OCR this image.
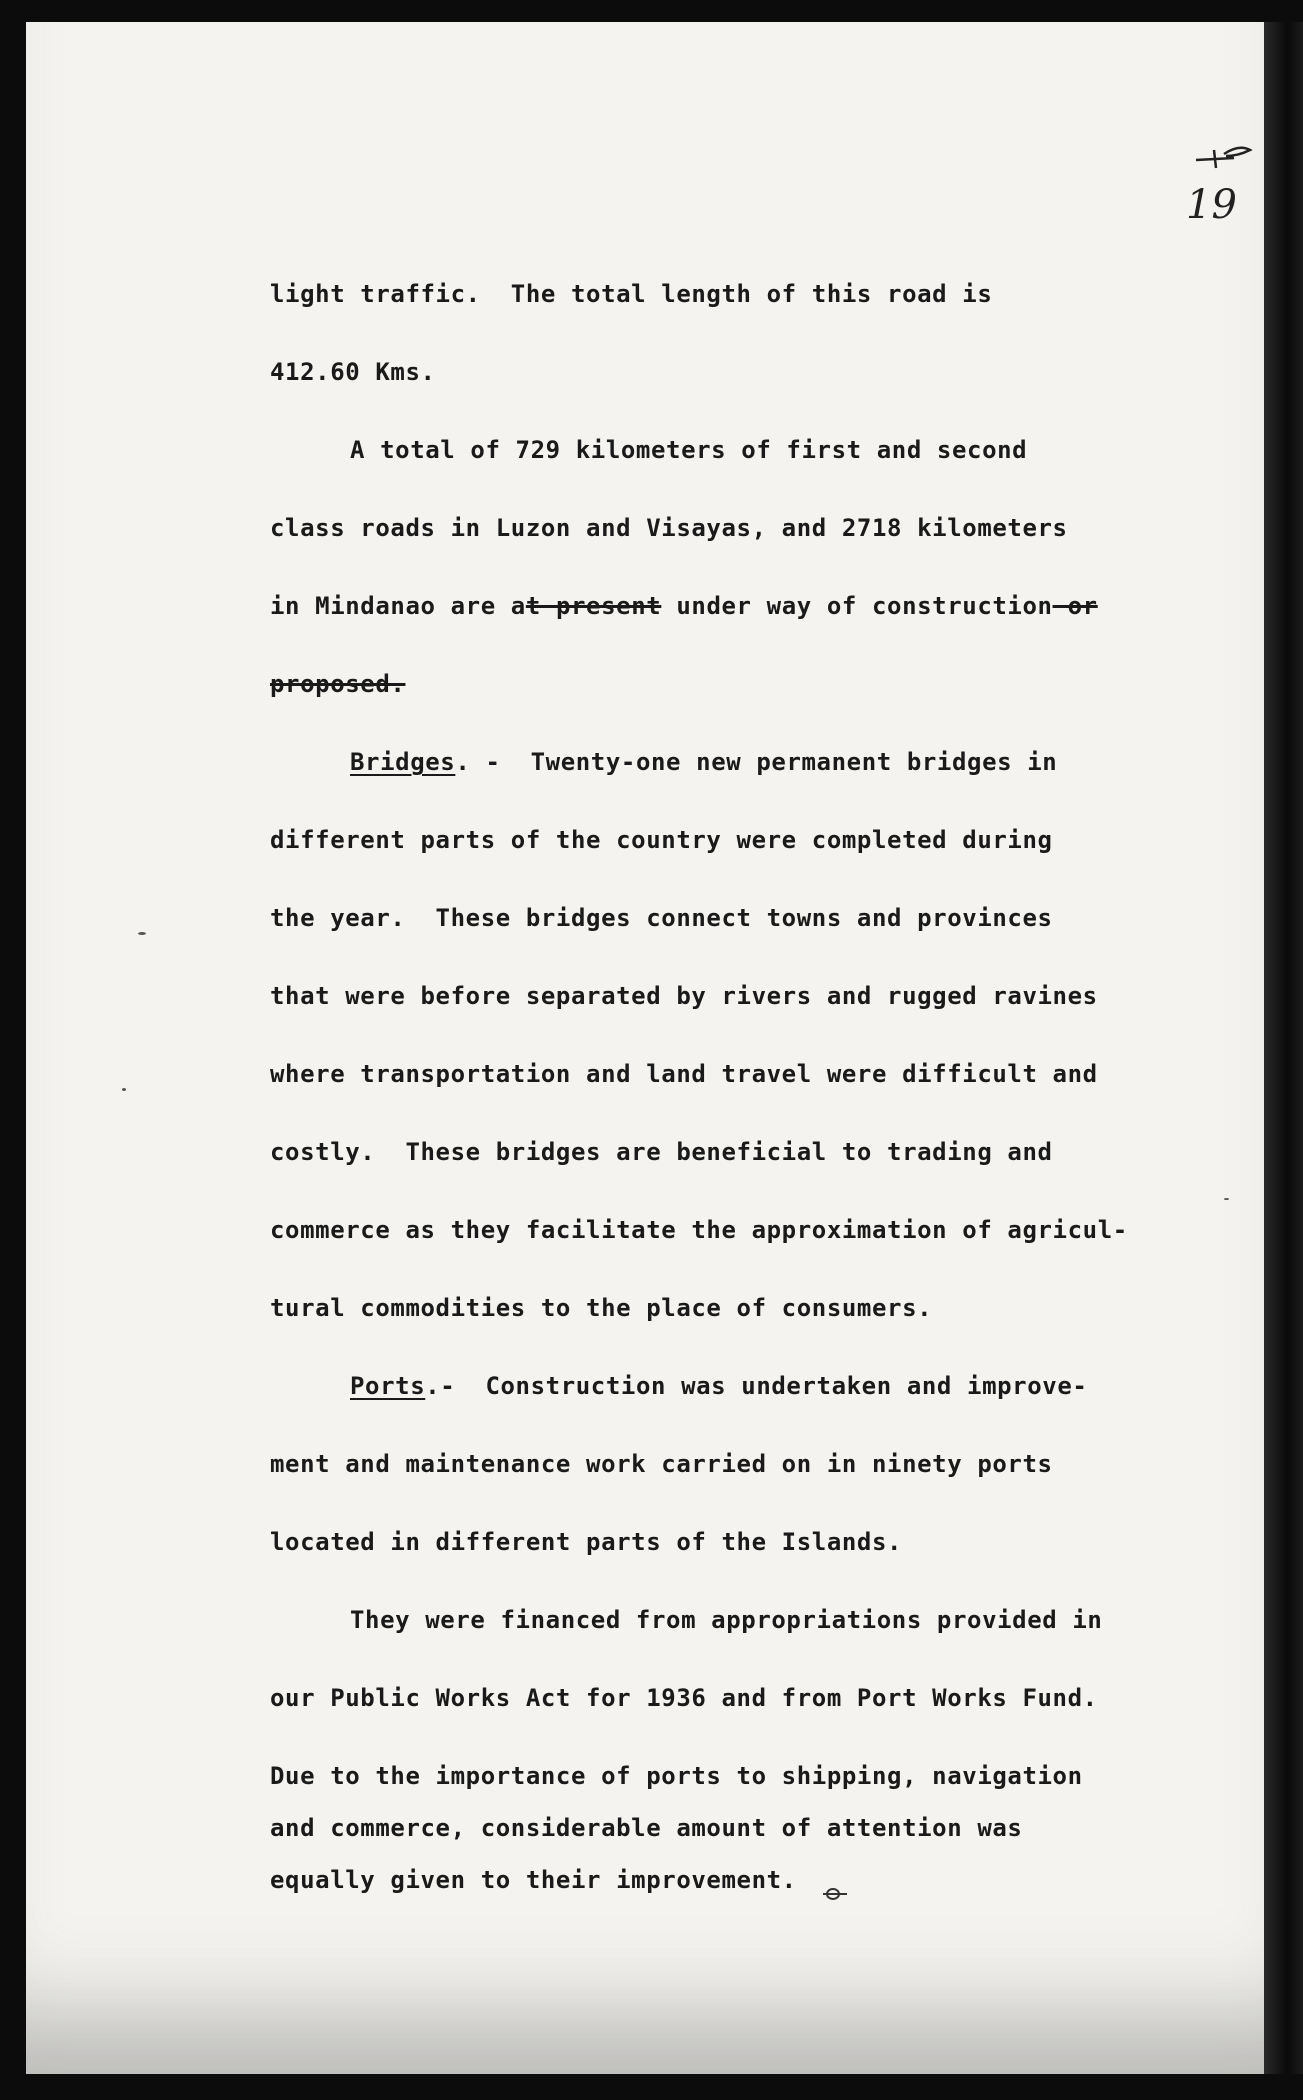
19
light traffic.  The total length of this road is
412.60 Kms.
A total of 729 kilometers of first and second
class roads in Luzon and Visayas, and 2718 kilometers
in Mindanao are at present under way of construction or
proposed.
Bridges. -  Twenty-one new permanent bridges in
different parts of the country were completed during
the year.  These bridges connect towns and provinces
that were before separated by rivers and rugged ravines
where transportation and land travel were difficult and
costly.  These bridges are beneficial to trading and
commerce as they facilitate the approximation of agricul-
tural commodities to the place of consumers.
Ports.-  Construction was undertaken and improve-
ment and maintenance work carried on in ninety ports
located in different parts of the Islands.
They were financed from appropriations provided in
our Public Works Act for 1936 and from Port Works Fund.
Due to the importance of ports to shipping, navigation
and commerce, considerable amount of attention was
equally given to their improvement.
